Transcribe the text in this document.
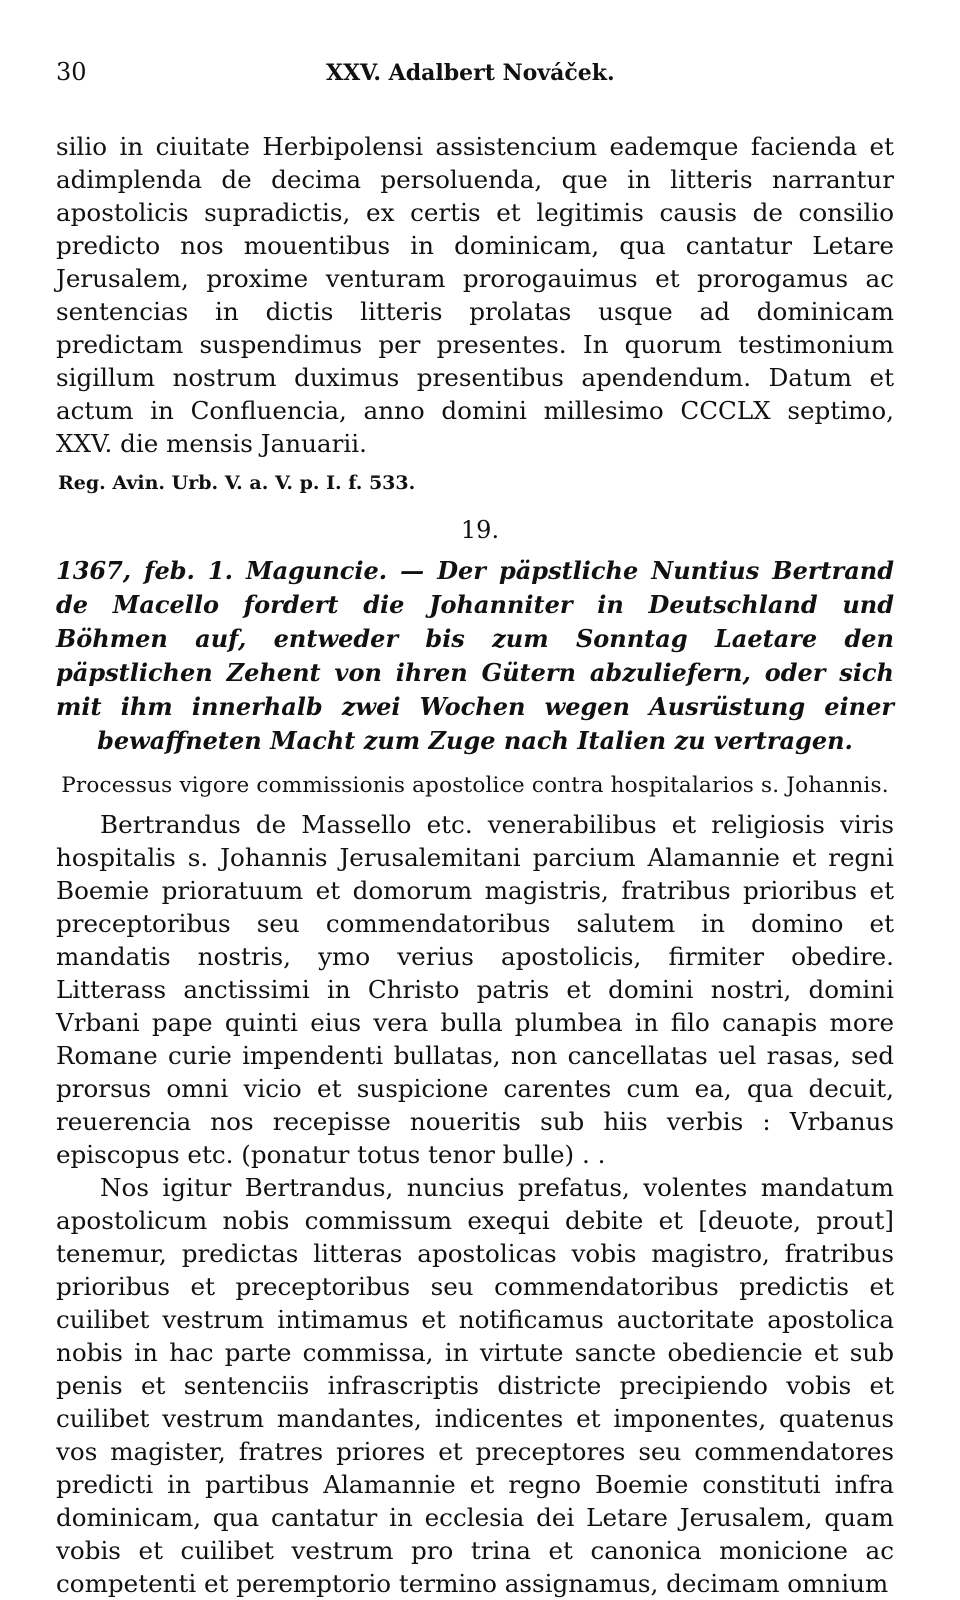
30	XXV. Adalbert Nováček.

silio in ciuitate Herbipolensi assistencium eademque facienda et adimplenda de decima persoluenda, que in litteris narrantur apostolicis supradictis, ex certis et legitimis causis de consilio predicto nos mouentibus in dominicam, qua cantatur Letare Jerusalem, proxime venturam prorogauimus et prorogamus ac sentencias in dictis litteris prolatas usque ad dominicam predictam suspendimus per presentes. In quorum testimonium sigillum nostrum duximus presentibus apendendum. Datum et actum in Confluencia, anno domini millesimo CCCLX septimo, XXV. die mensis Januarii.

Reg. Avin. Urb. V. a. V. p. I. f. 533.

19.

1367, feb. 1. Maguncie. — Der päpstliche Nuntius Bertrand de Macello fordert die Johanniter in Deutschland und Böhmen auf, entweder bis zum Sonntag Laetare den päpstlichen Zehent von ihren Gütern abzuliefern, oder sich mit ihm innerhalb zwei Wochen wegen Ausrüstung einer bewaffneten Macht zum Zuge nach Italien zu vertragen.

Processus vigore commissionis apostolice contra hospitalarios s. Johannis.

Bertrandus de Massello etc. venerabilibus et religiosis viris hospitalis s. Johannis Jerusalemitani parcium Alamannie et regni Boemie prioratuum et domorum magistris, fratribus prioribus et preceptoribus seu commendatoribus salutem in domino et mandatis nostris, ymo verius apostolicis, firmiter obedire. Litterass anctissimi in Christo patris et domini nostri, domini Vrbani pape quinti eius vera bulla plumbea in filo canapis more Romane curie impendenti bullatas, non cancellatas uel rasas, sed prorsus omni vicio et suspicione carentes cum ea, qua decuit, reuerencia nos recepisse noueritis sub hiis verbis : Vrbanus episcopus etc. (ponatur totus tenor bulle) . .

Nos igitur Bertrandus, nuncius prefatus, volentes mandatum apostolicum nobis commissum exequi debite et [deuote, prout] tenemur, predictas litteras apostolicas vobis magistro, fratribus prioribus et preceptoribus seu commendatoribus predictis et cuilibet vestrum intimamus et notificamus auctoritate apostolica nobis in hac parte commissa, in virtute sancte obediencie et sub penis et sentenciis infrascriptis districte precipiendo vobis et cuilibet vestrum mandantes, indicentes et imponentes, quatenus vos magister, fratres priores et preceptores seu commendatores predicti in partibus Alamannie et regno Boemie constituti infra dominicam, qua cantatur in ecclesia dei Letare Jerusalem, quam vobis et cuilibet vestrum pro trina et canonica monicione ac competenti et peremptorio termino assignamus, decimam omnium
